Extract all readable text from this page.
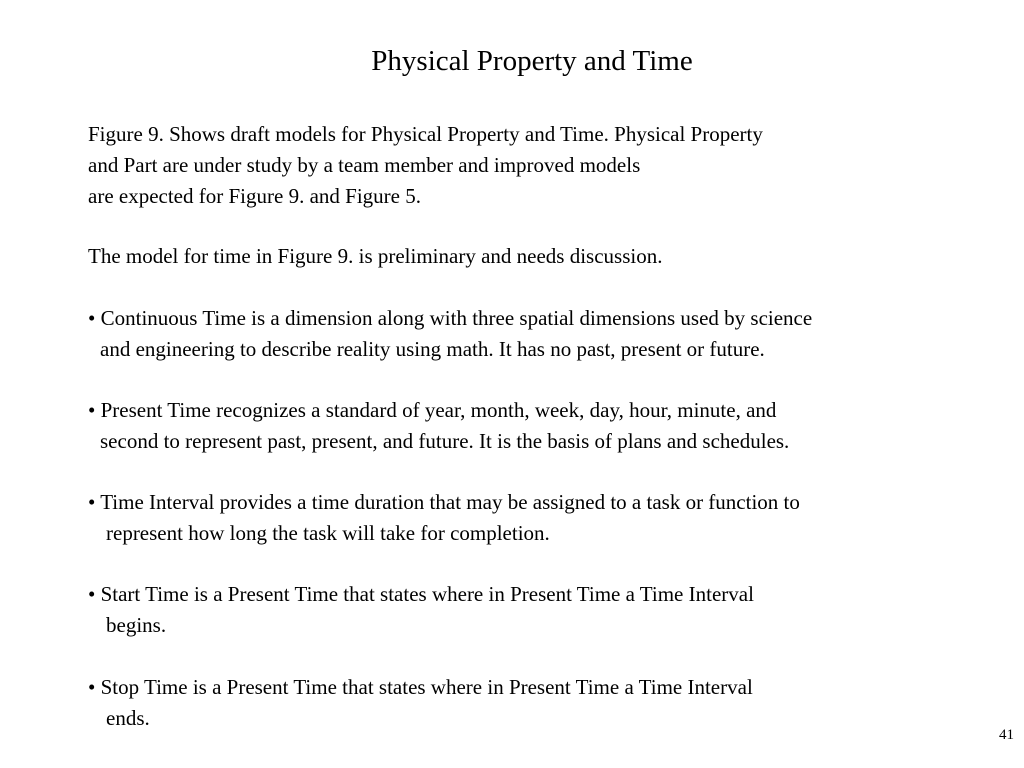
Physical Property and Time
Figure 9. Shows draft models for Physical Property and Time. Physical Property
and Part are under study by a team member and improved models
are expected for Figure 9. and Figure 5.
The model for time in Figure 9. is preliminary and needs discussion.
• Continuous Time is a dimension along with three spatial dimensions used by science
and engineering to describe reality using math. It has no past, present or future.
• Present Time recognizes a standard of year, month, week, day, hour, minute, and
second to represent past, present, and future. It is the basis of plans and schedules.
• Time Interval provides a time duration that may be assigned to a task or function to
represent how long the task will take for completion.
• Start Time is a Present Time that states where in Present Time a Time Interval
begins.
• Stop Time is a Present Time that states where in Present Time a Time Interval
ends.
41
